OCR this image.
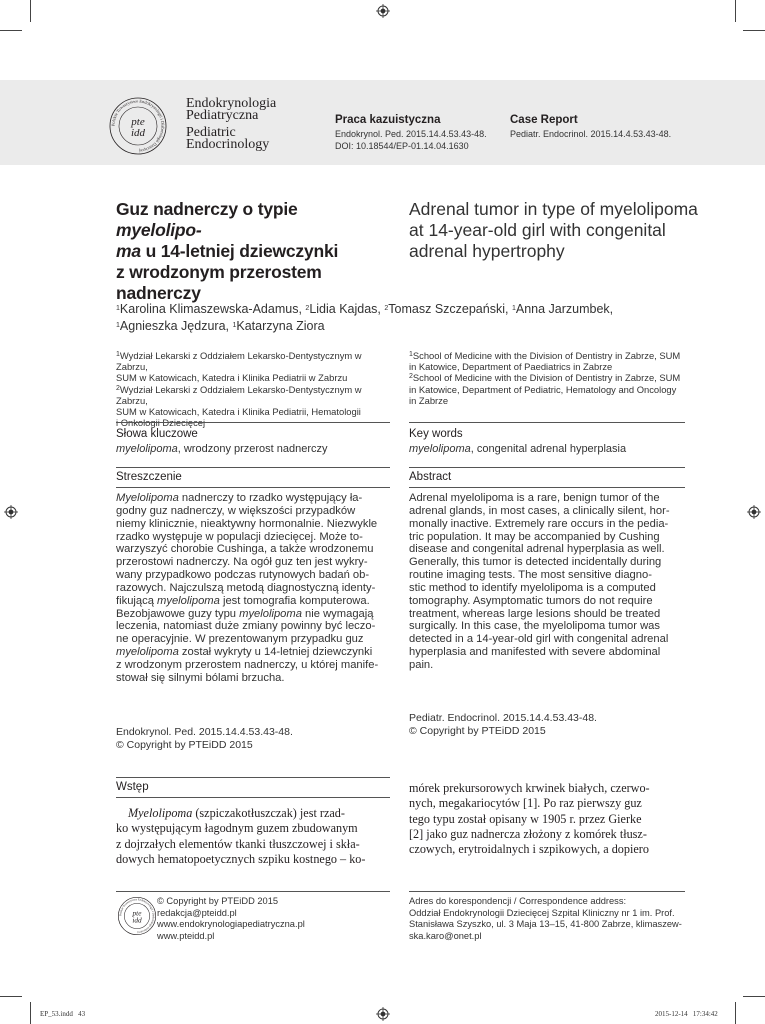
Polskie Towarzystwo Endokrynologii i Diabetologii Dziecięcej
pte
idd
Endokrynologia
Pediatryczna
Pediatric
Endocrinology
Praca kazuistyczna
Endokrynol. Ped. 2015.14.4.53.43-48.
DOI: 10.18544/EP-01.14.04.1630
Case Report
Pediatr. Endocrinol. 2015.14.4.53.43-48.
Guz nadnerczy o typie myelolipo-
ma u 14-letniej dziewczynki
z wrodzonym przerostem
nadnerczy
Adrenal tumor in type of myelolipoma
at 14-year-old girl with congenital
adrenal hypertrophy
$^1$Karolina Klimaszewska-Adamus, $^2$Lidia Kajdas, $^2$Tomasz Szczepański, $^1$Anna Jarzumbek,
$^1$Agnieszka Jędzura, $^1$Katarzyna Ziora
$^1$Wydział Lekarski z Oddziałem Lekarsko-Dentystycznym w Zabrzu,
SUM w Katowicach, Katedra i Klinika Pediatrii w Zabrzu
$^2$Wydział Lekarski z Oddziałem Lekarsko-Dentystycznym w Zabrzu,
SUM w Katowicach, Katedra i Klinika Pediatrii, Hematologii
$^1$School of Medicine with the Division of Dentistry in Zabrze, SUM
in Katowice, Department of Paediatrics in Zabrze
$^2$School of Medicine with the Division of Dentistry in Zabrze, SUM
in Katowice, Department of Pediatric, Hematology and Oncology
in Zabrze
Słowa kluczowe
myelolipoma, wrodzony przerost nadnerczy
Key words
myelolipoma, congenital adrenal hyperplasia
Streszczenie	Abstract
Myelolipoma nadnerczy to rzadko występujący ła-
godny guz nadnerczy, w większości przypadków
niemy klinicznie, nieaktywny hormonalnie. Niezwykle
rzadko występuje w populacji dziecięcej. Może to-
warzyszyć chorobie Cushinga, a także wrodzonemu
przerostowi nadnerczy. Na ogół guz ten jest wykry-
wany przypadkowo podczas rutynowych badań ob-
razowych. Najczulszą metodą diagnostyczną identy-
fikującą myelolipoma jest tomografia komputerowa.
Bezobjawowe guzy typu myelolipoma nie wymagają
leczenia, natomiast duże zmiany powinny być leczo-
ne operacyjnie. W prezentowanym przypadku guz
myelolipoma został wykryty u 14-letniej dziewczynki
z wrodzonym przerostem nadnerczy, u której manife-
stował się silnymi bólami brzucha.
Endokrynol. Ped. 2015.14.4.53.43-48.
© Copyright by PTEiDD 2015
Adrenal myelolipoma is a rare, benign tumor of the
adrenal glands, in most cases, a clinically silent, hor-
monally inactive. Extremely rare occurs in the pedia-
tric population. It may be accompanied by Cushing
disease and congenital adrenal hyperplasia as well.
Generally, this tumor is detected incidentally during
routine imaging tests. The most sensitive diagno-
stic method to identify myelolipoma is a computed
tomography. Asymptomatic tumors do not require
treatment, whereas large lesions should be treated
surgically. In this case, the myelolipoma tumor was
detected in a 14-year-old girl with congenital adrenal
hyperplasia and manifested with severe abdominal
pain.
Pediatr. Endocrinol. 2015.14.4.53.43-48.
© Copyright by PTEiDD 2015
Wstęp
Myelolipoma (szpiczakotłuszczak) jest rzad-
ko występującym łagodnym guzem zbudowanym
z dojrzałych elementów tkanki tłuszczowej i skła-
dowych hematopoetycznych szpiku kostnego – ko-
mórek prekursorowych krwinek białych, czerwo-
nych, megakariocytów [1]. Po raz pierwszy guz
tego typu został opisany w 1905 r. przez Gierke
[2] jako guz nadnercza złożony z komórek tłusz-
czowych, erytroidalnych i szpikowych, a dopiero
Polskie Towarzystwo Endokrynologii i Diabetologii Dziecięcej
pte
idd
© Copyright by PTEiDD 2015
redakcja@pteidd.pl
www.endokrynologiapediatryczna.pl
www.pteidd.pl
Adres do korespondencji / Correspondence address:
Oddział Endokrynologii Dziecięcej Szpital Kliniczny nr 1 im. Prof.
Stanisława Szyszko, ul. 3 Maja 13–15, 41-800 Zabrze, klimaszew-
ska.karo@onet.pl
EP_53.indd   43	2015-12-14   17:34:42
